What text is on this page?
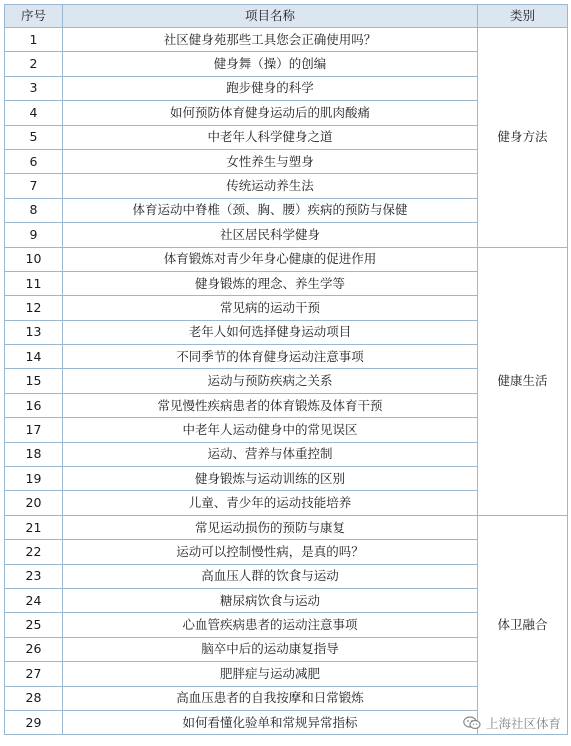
序号	项目名称	类别
1	社区健身苑那些工具您会正确使用吗？	健身方法
2	健身舞（操）的创编	
3	跑步健身的科学	
4	如何预防体育健身运动后的肌肉酸痛	
5	中老年人科学健身之道	
6	女性养生与塑身	
7	传统运动养生法	
8	体育运动中脊椎（颈、胸、腰）疾病的预防与保健	
9	社区居民科学健身	
10	体育锻炼对青少年身心健康的促进作用	健康生活
11	健身锻炼的理念、养生学等	
12	常见病的运动干预	
13	老年人如何选择健身运动项目	
14	不同季节的体育健身运动注意事项	
15	运动与预防疾病之关系	
16	常见慢性疾病患者的体育锻炼及体育干预	
17	中老年人运动健身中的常见误区	
18	运动、营养与体重控制	
19	健身锻炼与运动训练的区别	
20	儿童、青少年的运动技能培养	
21	常见运动损伤的预防与康复	体卫融合
22	运动可以控制慢性病，是真的吗？	
23	高血压人群的饮食与运动	
24	糖尿病饮食与运动	
25	心血管疾病患者的运动注意事项	
26	脑卒中后的运动康复指导	
27	肥胖症与运动减肥	
28	高血压患者的自我按摩和日常锻炼	
29	如何看懂化验单和常规异常指标		上海社区体育
